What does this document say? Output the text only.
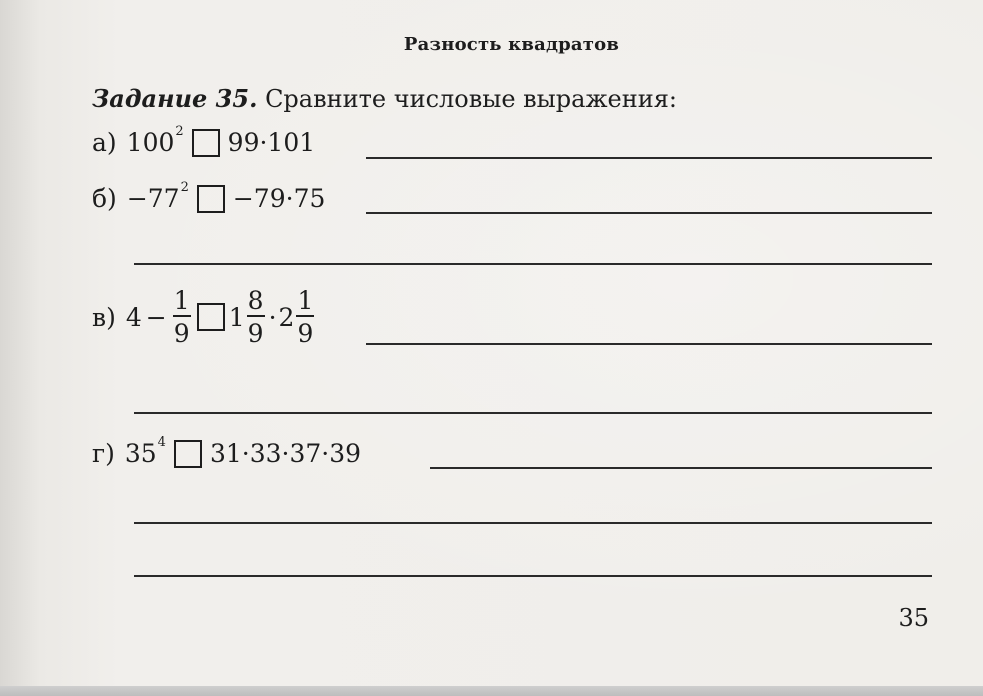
Разность квадратов
Задание 35. Сравните числовые выражения:
а) $100^2$ 99·101
$б) -77^2 -79\cdot 75$
в) $4 - \frac{1}{9} 1 \frac{8}{9} \cdot 2 \frac{1}{9}$
г) $35^4$ 31·33·37·39
35
